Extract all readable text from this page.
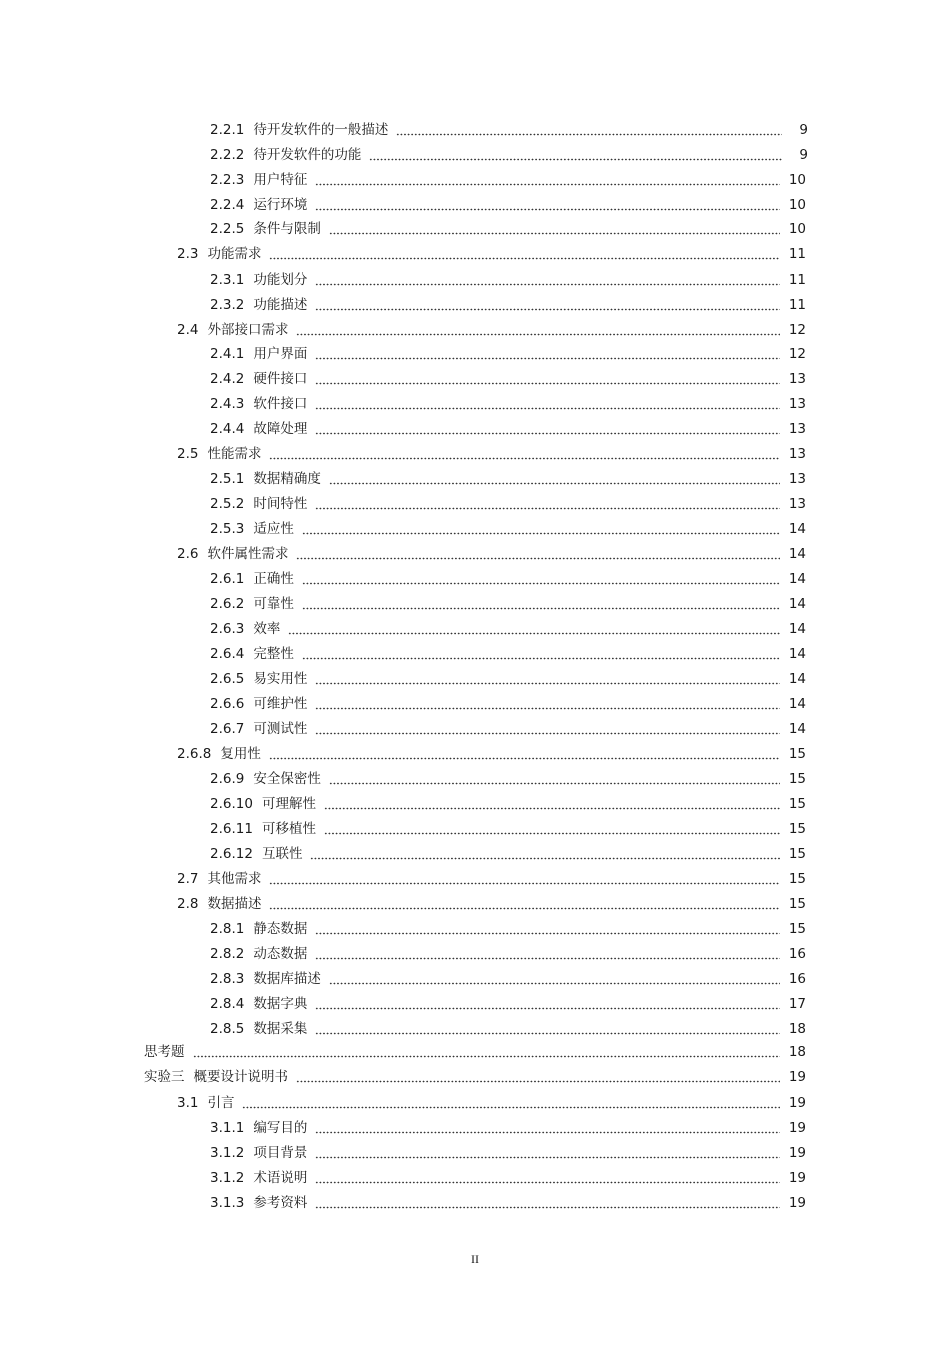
2.2.1 待开发软件的一般描述	9
2.2.2 待开发软件的功能	9
2.2.3 用户特征	10
2.2.4 运行环境	10
2.2.5 条件与限制	10
2.3 功能需求	11
2.3.1 功能划分	11
2.3.2 功能描述	11
2.4 外部接口需求	12
2.4.1 用户界面	12
2.4.2 硬件接口	13
2.4.3 软件接口	13
2.4.4 故障处理	13
2.5 性能需求	13
2.5.1 数据精确度	13
2.5.2 时间特性	13
2.5.3 适应性	14
2.6 软件属性需求	14
2.6.1 正确性	14
2.6.2 可靠性	14
2.6.3 效率	14
2.6.4 完整性	14
2.6.5 易实用性	14
2.6.6 可维护性	14
2.6.7 可测试性	14
2.6.8 复用性	15
2.6.9 安全保密性	15
2.6.10 可理解性	15
2.6.11 可移植性	15
2.6.12 互联性	15
2.7 其他需求	15
2.8 数据描述	15
2.8.1 静态数据	15
2.8.2 动态数据	16
2.8.3 数据库描述	16
2.8.4 数据字典	17
2.8.5 数据采集	18
思考题	18
实验三 概要设计说明书	19
3.1 引言	19
3.1.1 编写目的	19
3.1.2 项目背景	19
3.1.2 术语说明	19
3.1.3 参考资料	19
II
